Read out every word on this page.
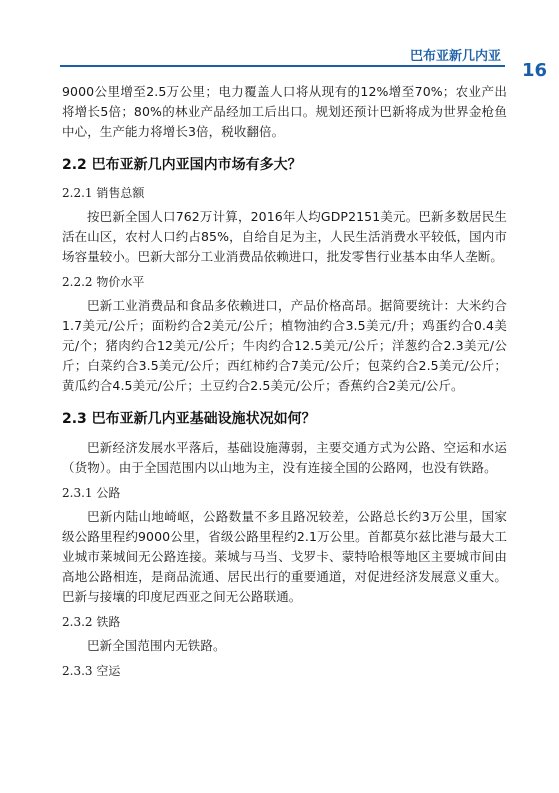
巴布亚新几内亚
16

9000公里增至2.5万公里；电力覆盖人口将从现有的12%增至70%；农业产出将增长5倍；80%的林业产品经加工后出口。规划还预计巴新将成为世界金枪鱼中心，生产能力将增长3倍，税收翻倍。

2.2 巴布亚新几内亚国内市场有多大？
2.2.1 销售总额

按巴新全国人口762万计算，2016年人均GDP2151美元。巴新多数居民生活在山区，农村人口约占85%，自给自足为主，人民生活消费水平较低，国内市场容量较小。巴新大部分工业消费品依赖进口，批发零售行业基本由华人垄断。

2.2.2 物价水平

巴新工业消费品和食品多依赖进口，产品价格高昂。据简要统计：大米约合1.7美元/公斤；面粉约合2美元/公斤；植物油约合3.5美元/升；鸡蛋约合0.4美元/个；猪肉约合12美元/公斤；牛肉约合12.5美元/公斤；洋葱约合2.3美元/公斤；白菜约合3.5美元/公斤；西红柿约合7美元/公斤；包菜约合2.5美元/公斤；黄瓜约合4.5美元/公斤；土豆约合2.5美元/公斤；香蕉约合2美元/公斤。

2.3 巴布亚新几内亚基础设施状况如何？

巴新经济发展水平落后，基础设施薄弱，主要交通方式为公路、空运和水运（货物）。由于全国范围内以山地为主，没有连接全国的公路网，也没有铁路。

2.3.1 公路

巴新内陆山地崎岖，公路数量不多且路况较差，公路总长约3万公里，国家级公路里程约9000公里，省级公路里程约2.1万公里。首都莫尔兹比港与最大工业城市莱城间无公路连接。莱城与马当、戈罗卡、蒙特哈根等地区主要城市间由高地公路相连，是商品流通、居民出行的重要通道，对促进经济发展意义重大。巴新与接壤的印度尼西亚之间无公路联通。

2.3.2 铁路

巴新全国范围内无铁路。

2.3.3 空运
